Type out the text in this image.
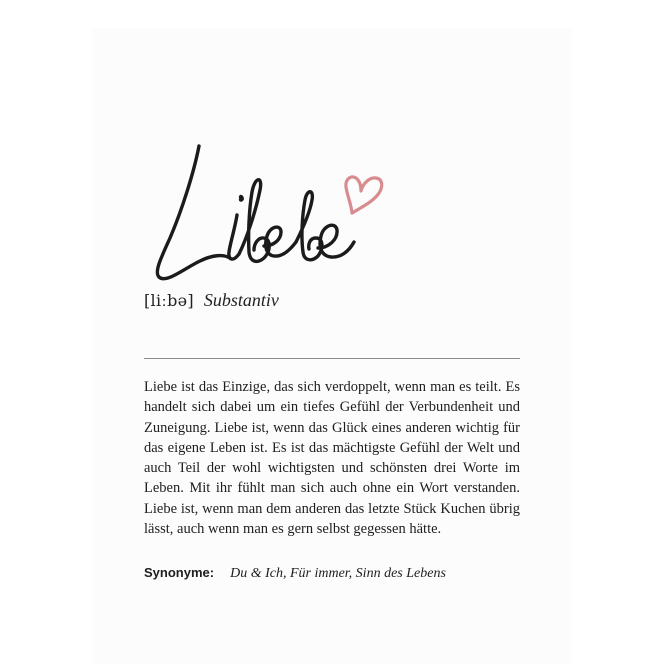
[liːbə] Substantiv

Liebe ist das Einzige, das sich verdoppelt, wenn man es teilt. Es handelt sich dabei um ein tiefes Gefühl der Verbundenheit und Zuneigung. Liebe ist, wenn das Glück eines anderen wichtig für das eigene Leben ist. Es ist das mächtigste Gefühl der Welt und auch Teil der wohl wichtigsten und schönsten drei Worte im Leben. Mit ihr fühlt man sich auch ohne ein Wort verstanden. Liebe ist, wenn man dem anderen das letzte Stück Kuchen übrig lässt, auch wenn man es gern selbst gegessen hätte.

Synonyme: Du & Ich, Für immer, Sinn des Lebens
